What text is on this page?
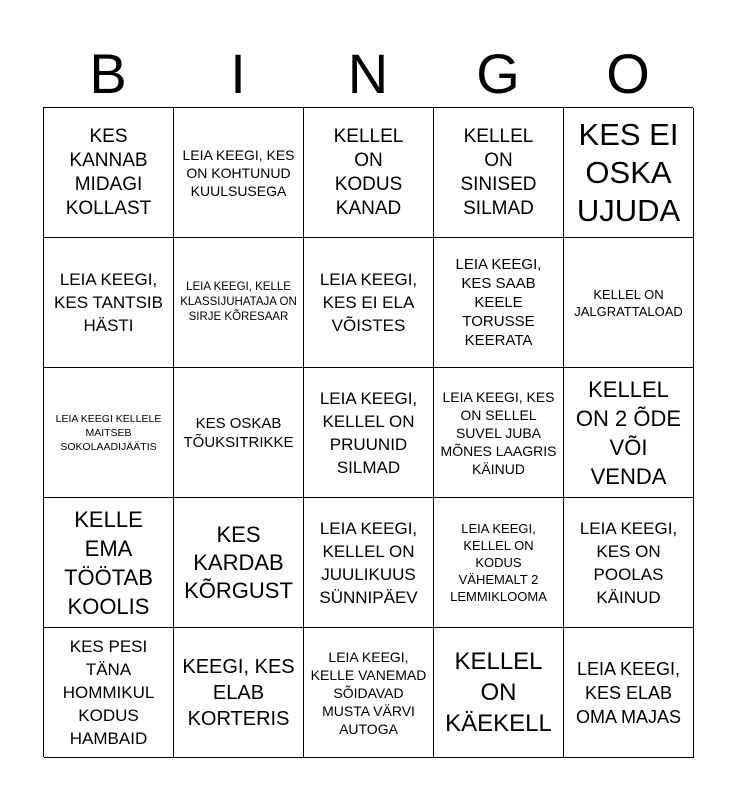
B	I	N	G	O
KES KANNAB MIDAGI KOLLAST
LEIA KEEGI, KES ON KOHTUNUD KUULSUSEGA
KELLEL ON KODUS KANAD
KELLEL ON SINISED SILMAD
KES EI OSKA UJUDA
LEIA KEEGI, KES TANTSIB HÄSTI
LEIA KEEGI, KELLE KLASSIJUHATAJA ON SIRJE KÕRESAAR
LEIA KEEGI, KES EI ELA VÕISTES
LEIA KEEGI, KES SAAB KEELE TORUSSE KEERATA
KELLEL ON JALGRATTALOAD
LEIA KEEGI KELLELE MAITSEB SOKOLAADIJÄÄTIS
KES OSKAB TÕUKSITRIKKE
LEIA KEEGI, KELLEL ON PRUUNID SILMAD
LEIA KEEGI, KES ON SELLEL SUVEL JUBA MÕNES LAAGRIS KÄINUD
KELLEL ON 2 ÕDE VÕI VENDA
KELLE EMA TÖÖTAB KOOLIS
KES KARDAB KÕRGUST
LEIA KEEGI, KELLEL ON JUULIKUUS SÜNNIPÄEV
LEIA KEEGI, KELLEL ON KODUS VÄHEMALT 2 LEMMIKLOOMA
LEIA KEEGI, KES ON POOLAS KÄINUD
KES PESI TÄNA HOMMIKUL KODUS HAMBAID
KEEGI, KES ELAB KORTERIS
LEIA KEEGI, KELLE VANEMAD SÕIDAVAD MUSTA VÄRVI AUTOGA
KELLEL ON KÄEKELL
LEIA KEEGI, KES ELAB OMA MAJAS
